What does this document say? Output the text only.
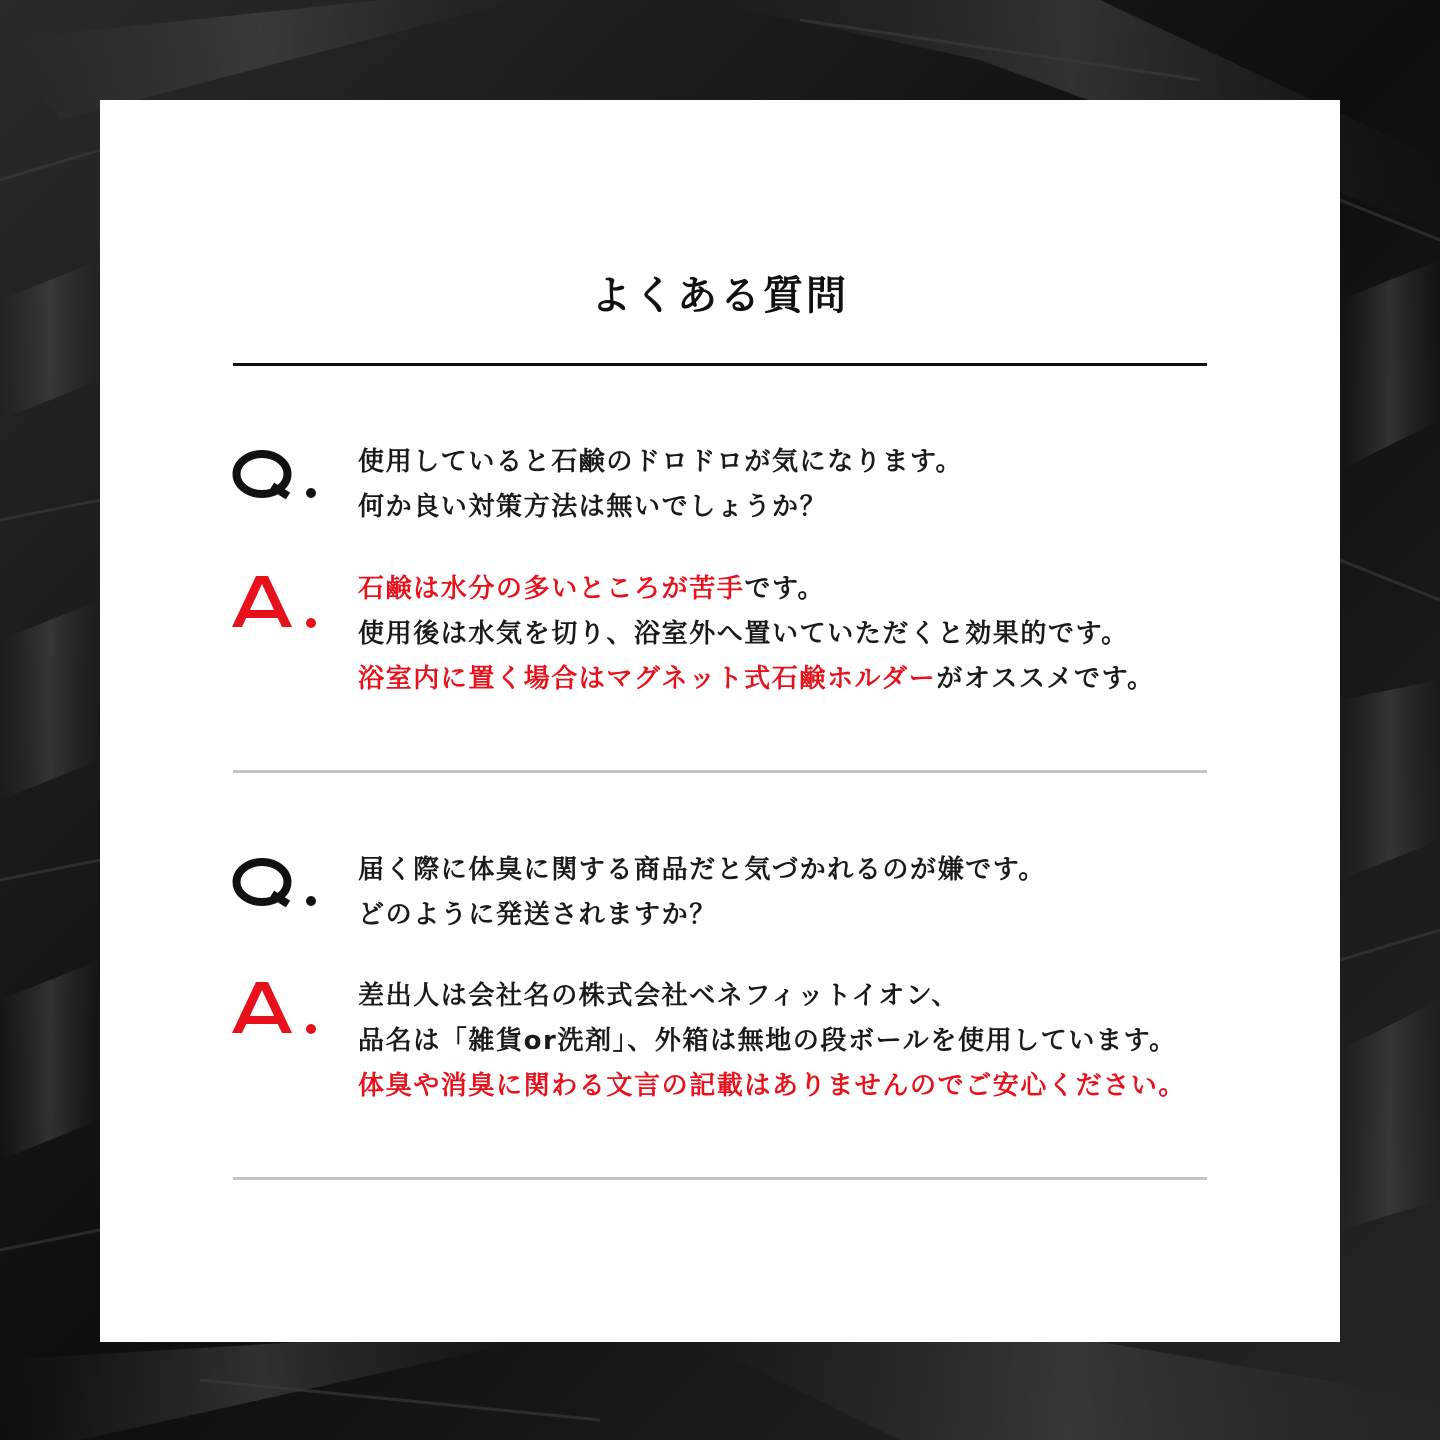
よくある質問
使用していると石鹸のドロドロが気になります。
何か良い対策方法は無いでしょうか？
石鹸は水分の多いところが苦手です。
使用後は水気を切り、浴室外へ置いていただくと効果的です。
浴室内に置く場合はマグネット式石鹸ホルダーがオススメです。
届く際に体臭に関する商品だと気づかれるのが嫌です。
どのように発送されますか？
差出人は会社名の株式会社ベネフィットイオン、
品名は「雑貨or洗剤」、外箱は無地の段ボールを使用しています。
体臭や消臭に関わる文言の記載はありませんのでご安心ください。
